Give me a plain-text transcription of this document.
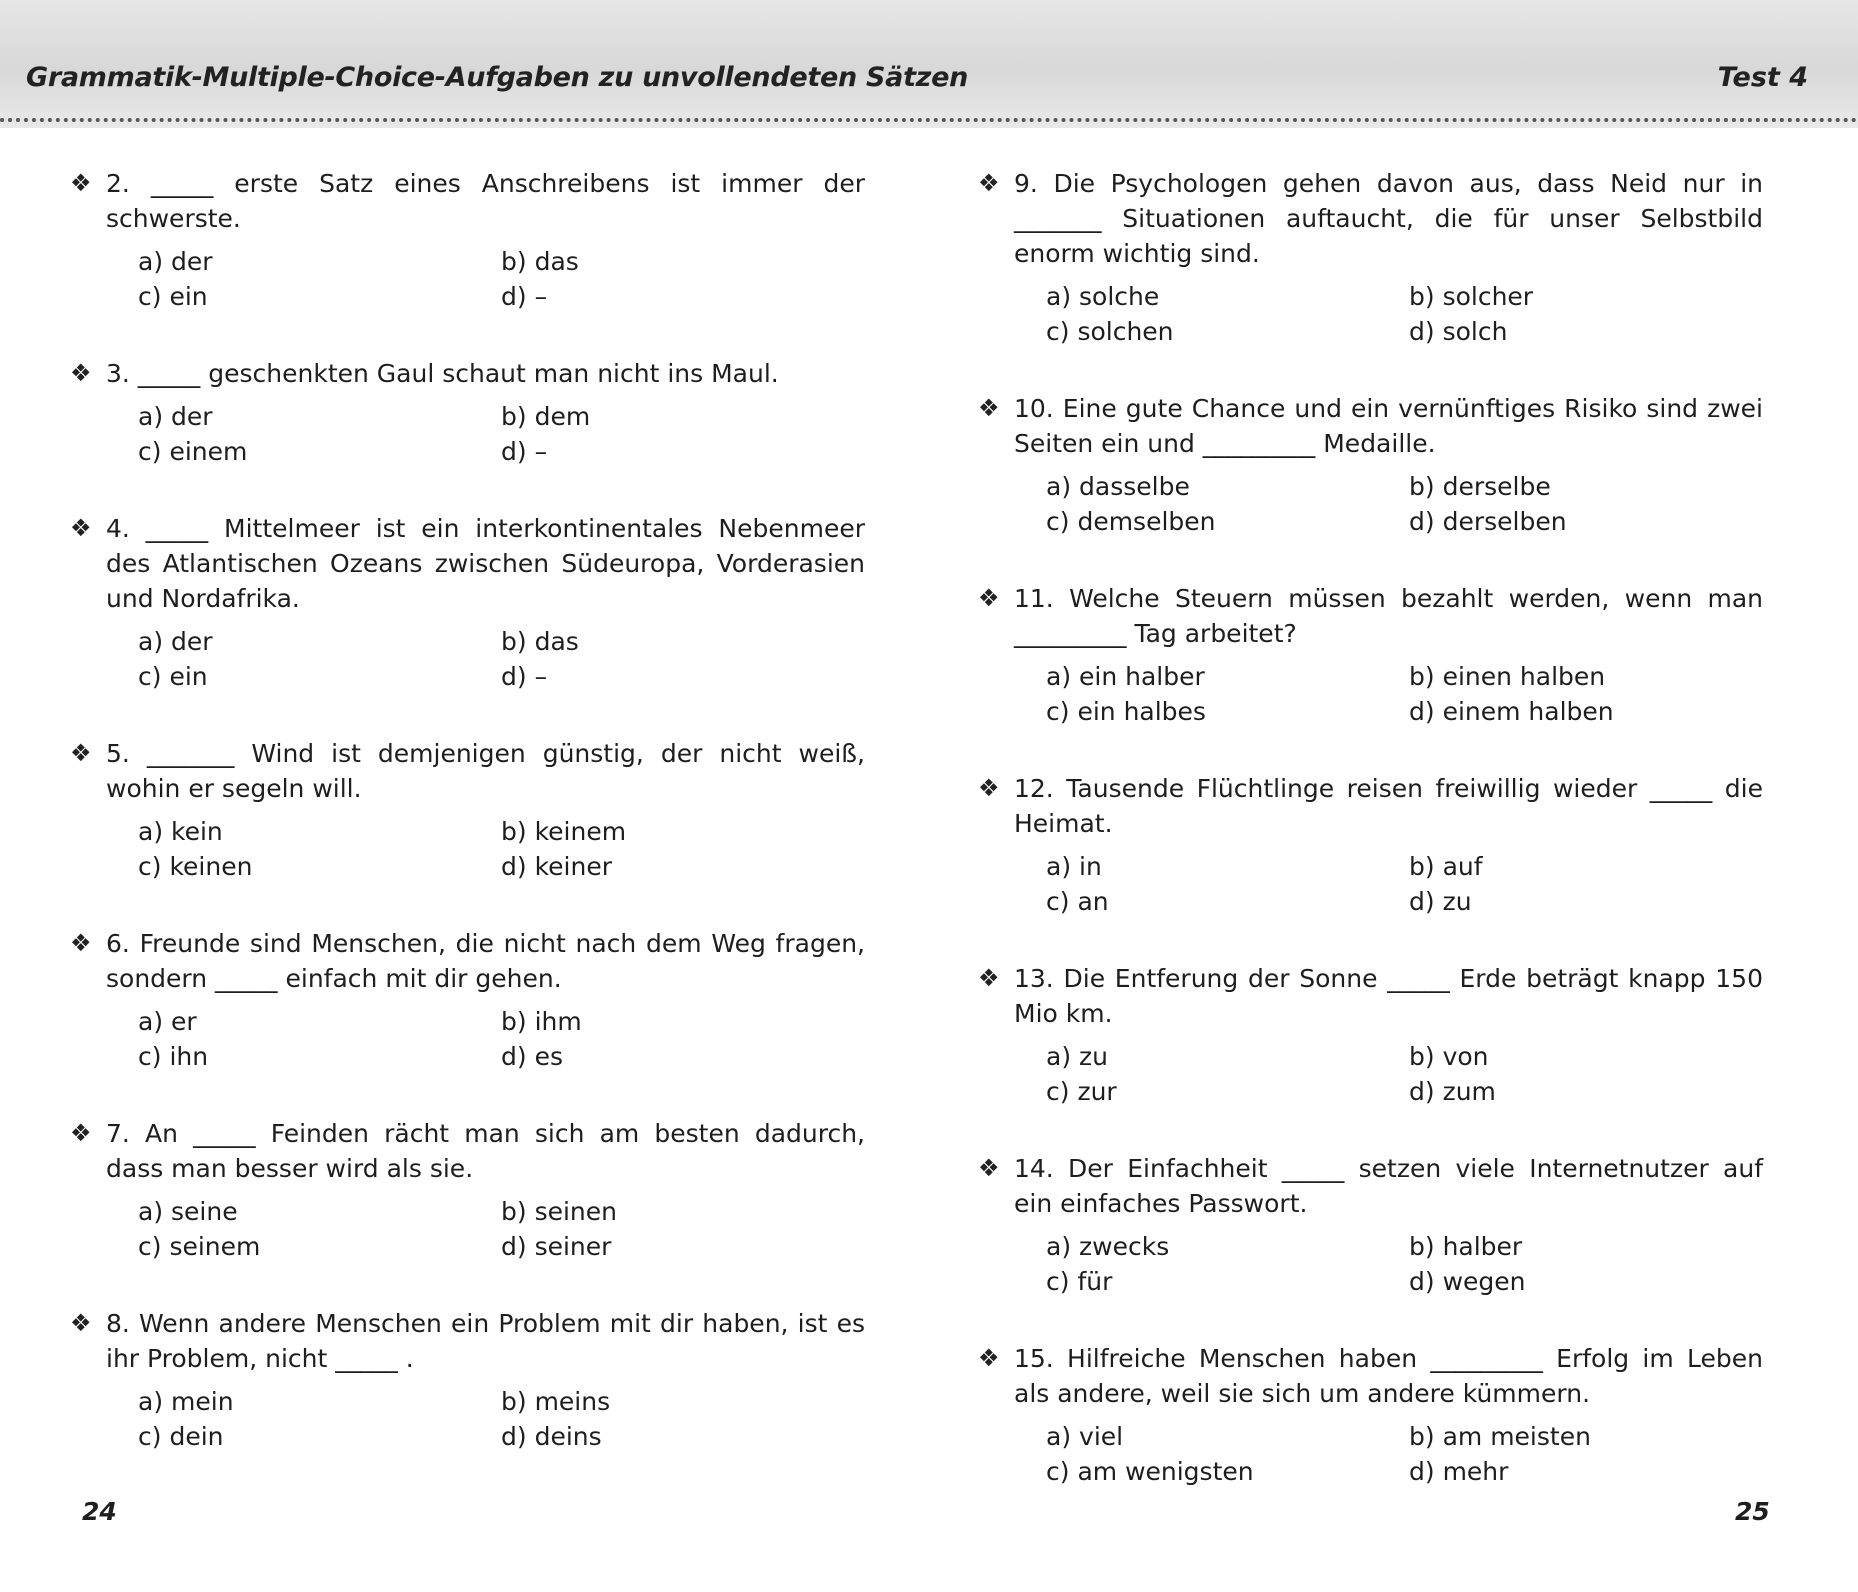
Grammatik-Multiple-Choice-Aufgaben zu unvollendeten Sätzen	Test 4
❖ 2. _____ erste Satz eines Anschreibens ist immer der schwerste.
a) der	b) das
c) ein	d) –
❖ 3. _____ geschenkten Gaul schaut man nicht ins Maul.
a) der	b) dem
c) einem	d) –
❖ 4. _____ Mittelmeer ist ein interkontinentales Nebenmeer des Atlantischen Ozeans zwischen Südeuropa, Vorderasien und Nordafrika.
a) der	b) das
c) ein	d) –
❖ 5. _______ Wind ist demjenigen günstig, der nicht weiß, wohin er segeln will.
a) kein	b) keinem
c) keinen	d) keiner
❖ 6. Freunde sind Menschen, die nicht nach dem Weg fragen, sondern _____ einfach mit dir gehen.
a) er	b) ihm
c) ihn	d) es
❖ 7. An _____ Feinden rächt man sich am besten dadurch, dass man besser wird als sie.
a) seine	b) seinen
c) seinem	d) seiner
❖ 8. Wenn andere Menschen ein Problem mit dir haben, ist es ihr Problem, nicht _____ .
a) mein	b) meins
c) dein	d) deins
❖ 9. Die Psychologen gehen davon aus, dass Neid nur in _______ Situationen auftaucht, die für unser Selbstbild enorm wichtig sind.
a) solche	b) solcher
c) solchen	d) solch
❖ 10. Eine gute Chance und ein vernünftiges Risiko sind zwei Seiten ein und _________ Medaille.
a) dasselbe	b) derselbe
c) demselben	d) derselben
❖ 11. Welche Steuern müssen bezahlt werden, wenn man _________ Tag arbeitet?
a) ein halber	b) einen halben
c) ein halbes	d) einem halben
❖ 12. Tausende Flüchtlinge reisen freiwillig wieder _____ die Heimat.
a) in	b) auf
c) an	d) zu
❖ 13. Die Entferung der Sonne _____ Erde beträgt knapp 150 Mio km.
a) zu	b) von
c) zur	d) zum
❖ 14. Der Einfachheit _____ setzen viele Internetnutzer auf ein einfaches Passwort.
a) zwecks	b) halber
c) für	d) wegen
❖ 15. Hilfreiche Menschen haben _________ Erfolg im Leben als andere, weil sie sich um andere kümmern.
a) viel	b) am meisten
c) am wenigsten	d) mehr
24	25
